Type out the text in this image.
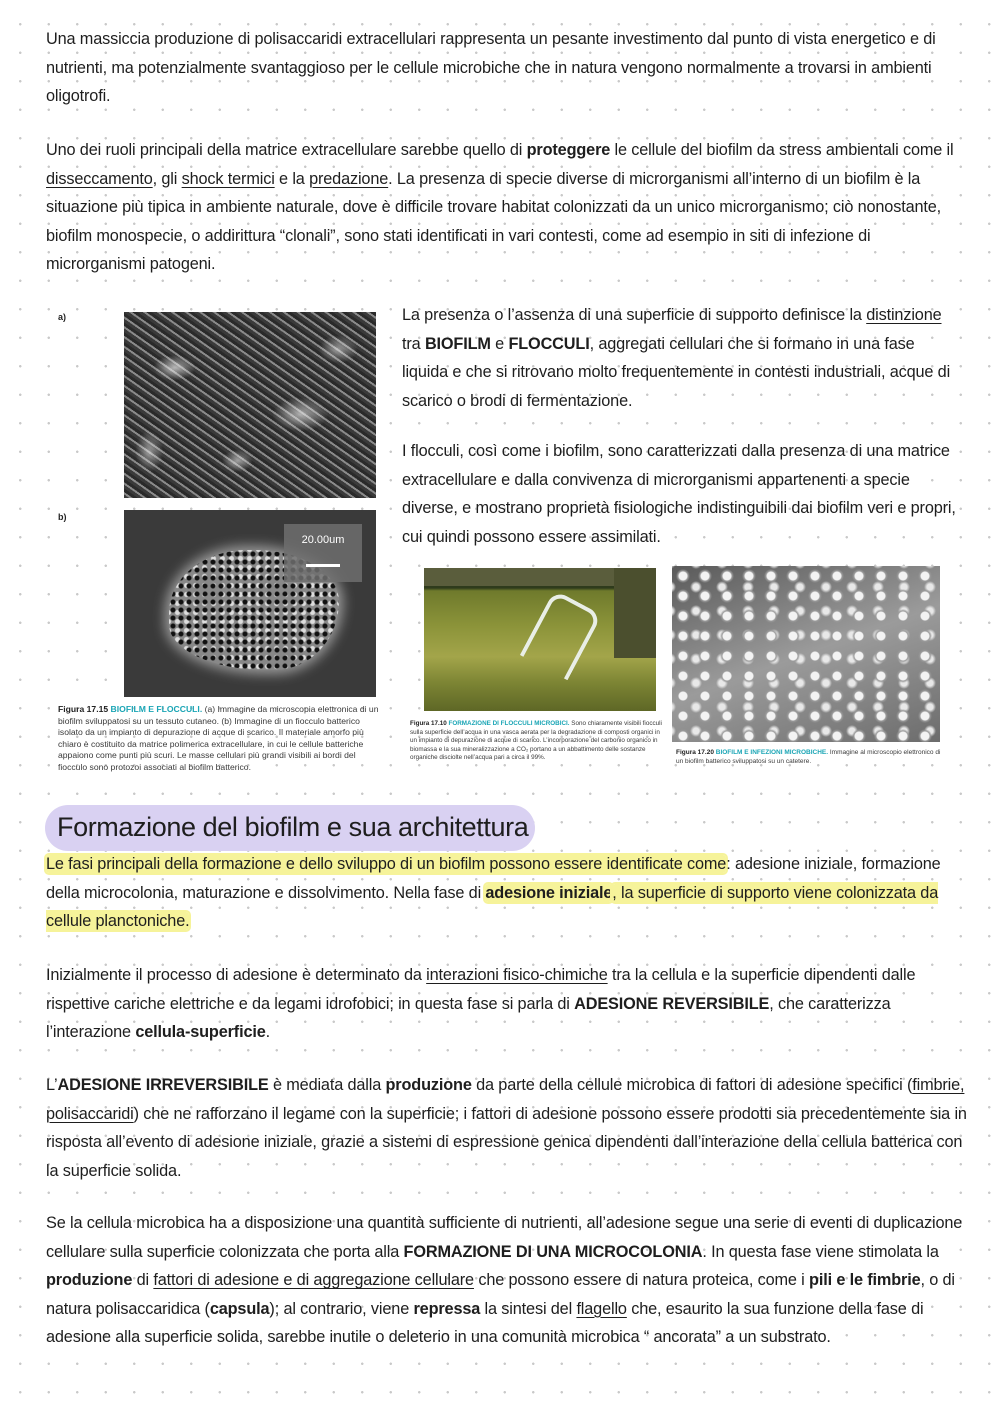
Una massiccia produzione di polisaccaridi extracellulari rappresenta un pesante investimento dal punto di vista energetico e di nutrienti, ma potenzialmente svantaggioso per le cellule microbiche che in natura vengono normalmente a trovarsi in ambienti oligotrofi.

Uno dei ruoli principali della matrice extracellulare sarebbe quello di proteggere le cellule del biofilm da stress ambientali come il disseccamento, gli shock termici e la predazione. La presenza di specie diverse di microrganismi all’interno di un biofilm è la situazione più tipica in ambiente naturale, dove è difficile trovare habitat colonizzati da un unico microrganismo; ciò nonostante, biofilm monospecie, o addirittura “clonali”, sono stati identificati in vari contesti, come ad esempio in siti di infezione di microrganismi patogeni.

a)
b)
20.00um
Figura 17.15 BIOFILM E FLOCCULI. (a) Immagine da microscopia elettronica di un biofilm sviluppatosi su un tessuto cutaneo. (b) Immagine di un fiocculo batterico isolato da un impianto di depurazione di acque di scarico. Il materiale amorfo più chiaro è costituito da matrice polimerica extracellulare, in cui le cellule batteriche appaiono come punti più scuri. Le masse cellulari più grandi visibili ai bordi del fiocculo sono protozoi associati al biofilm batterico.

La presenza o l’assenza di una superficie di supporto definisce la distinzione tra BIOFILM e FLOCCULI, aggregati cellulari che si formano in una fase liquida e che si ritrovano molto frequentemente in contesti industriali, acque di scarico o brodi di fermentazione.

I flocculi, così come i biofilm, sono caratterizzati dalla presenza di una matrice extracellulare e dalla convivenza di microrganismi appartenenti a specie diverse, e mostrano proprietà fisiologiche indistinguibili dai biofilm veri e propri, cui quindi possono essere assimilati.

Figura 17.10 FORMAZIONE DI FLOCCULI MICROBICI. Sono chiaramente visibili fiocculi sulla superficie dell’acqua in una vasca aerata per la degradazione di composti organici in un impianto di depurazione di acque di scarico. L’incorporazione del carbonio organico in biomassa e la sua mineralizzazione a CO₂ portano a un abbattimento delle sostanze organiche disciolte nell’acqua pari a circa il 99%.
Figura 17.20 BIOFILM E INFEZIONI MICROBICHE. Immagine al microscopio elettronico di un biofilm batterico sviluppatosi su un catetere.
Formazione del biofilm e sua architettura

Le fasi principali della formazione e dello sviluppo di un biofilm possono essere identificate come: adesione iniziale, formazione della microcolonia, maturazione e dissolvimento. Nella fase di adesione iniziale, la superficie di supporto viene colonizzata da cellule planctoniche.

Inizialmente il processo di adesione è determinato da interazioni fisico-chimiche tra la cellula e la superficie dipendenti dalle rispettive cariche elettriche e da legami idrofobici; in questa fase si parla di ADESIONE REVERSIBILE, che caratterizza l’interazione cellula-superficie.

L’ADESIONE IRREVERSIBILE è mediata dalla produzione da parte della cellule microbica di fattori di adesione specifici (fimbrie, polisaccaridi) che ne rafforzano il legame con la superficie; i fattori di adesione possono essere prodotti sia precedentemente sia in risposta all’evento di adesione iniziale, grazie a sistemi di espressione genica dipendenti dall’interazione della cellula batterica con la superficie solida.

Se la cellula microbica ha a disposizione una quantità sufficiente di nutrienti, all’adesione segue una serie di eventi di duplicazione cellulare sulla superficie colonizzata che porta alla FORMAZIONE DI UNA MICROCOLONIA. In questa fase viene stimolata la produzione di fattori di adesione e di aggregazione cellulare che possono essere di natura proteica, come i pili e le fimbrie, o di natura polisaccaridica (capsula); al contrario, viene repressa la sintesi del flagello che, esaurito la sua funzione della fase di adesione alla superficie solida, sarebbe inutile o deleterio in una comunità microbica “ ancorata” a un substrato.
